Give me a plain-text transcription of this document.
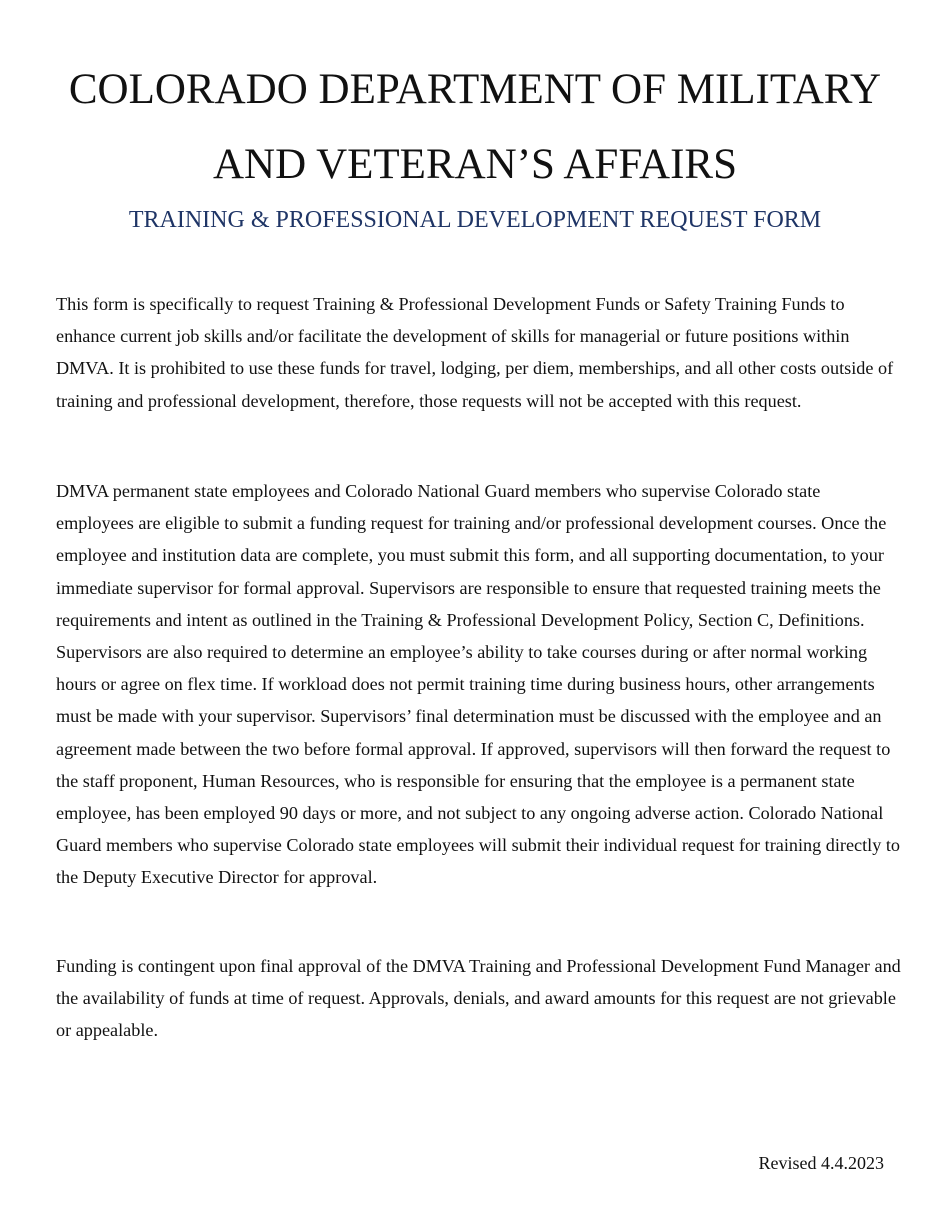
COLORADO DEPARTMENT OF MILITARY
AND VETERAN’S AFFAIRS
TRAINING & PROFESSIONAL DEVELOPMENT REQUEST FORM

This form is specifically to request Training & Professional Development Funds or Safety Training Funds to enhance current job skills and/or facilitate the development of skills for managerial or future positions within DMVA. It is prohibited to use these funds for travel, lodging, per diem, memberships, and all other costs outside of training and professional development, therefore, those requests will not be accepted with this request.

DMVA permanent state employees and Colorado National Guard members who supervise Colorado state employees are eligible to submit a funding request for training and/or professional development courses. Once the employee and institution data are complete, you must submit this form, and all supporting documentation, to your immediate supervisor for formal approval. Supervisors are responsible to ensure that requested training meets the requirements and intent as outlined in the Training & Professional Development Policy, Section C, Definitions. Supervisors are also required to determine an employee’s ability to take courses during or after normal working hours or agree on flex time. If workload does not permit training time during business hours, other arrangements must be made with your supervisor. Supervisors’ final determination must be discussed with the employee and an agreement made between the two before formal approval. If approved, supervisors will then forward the request to the staff proponent, Human Resources, who is responsible for ensuring that the employee is a permanent state employee, has been employed 90 days or more, and not subject to any ongoing adverse action. Colorado National Guard members who supervise Colorado state employees will submit their individual request for training directly to the Deputy Executive Director for approval.

Funding is contingent upon final approval of the DMVA Training and Professional Development Fund Manager and the availability of funds at time of request. Approvals, denials, and award amounts for this request are not grievable or appealable.

Revised 4.4.2023
